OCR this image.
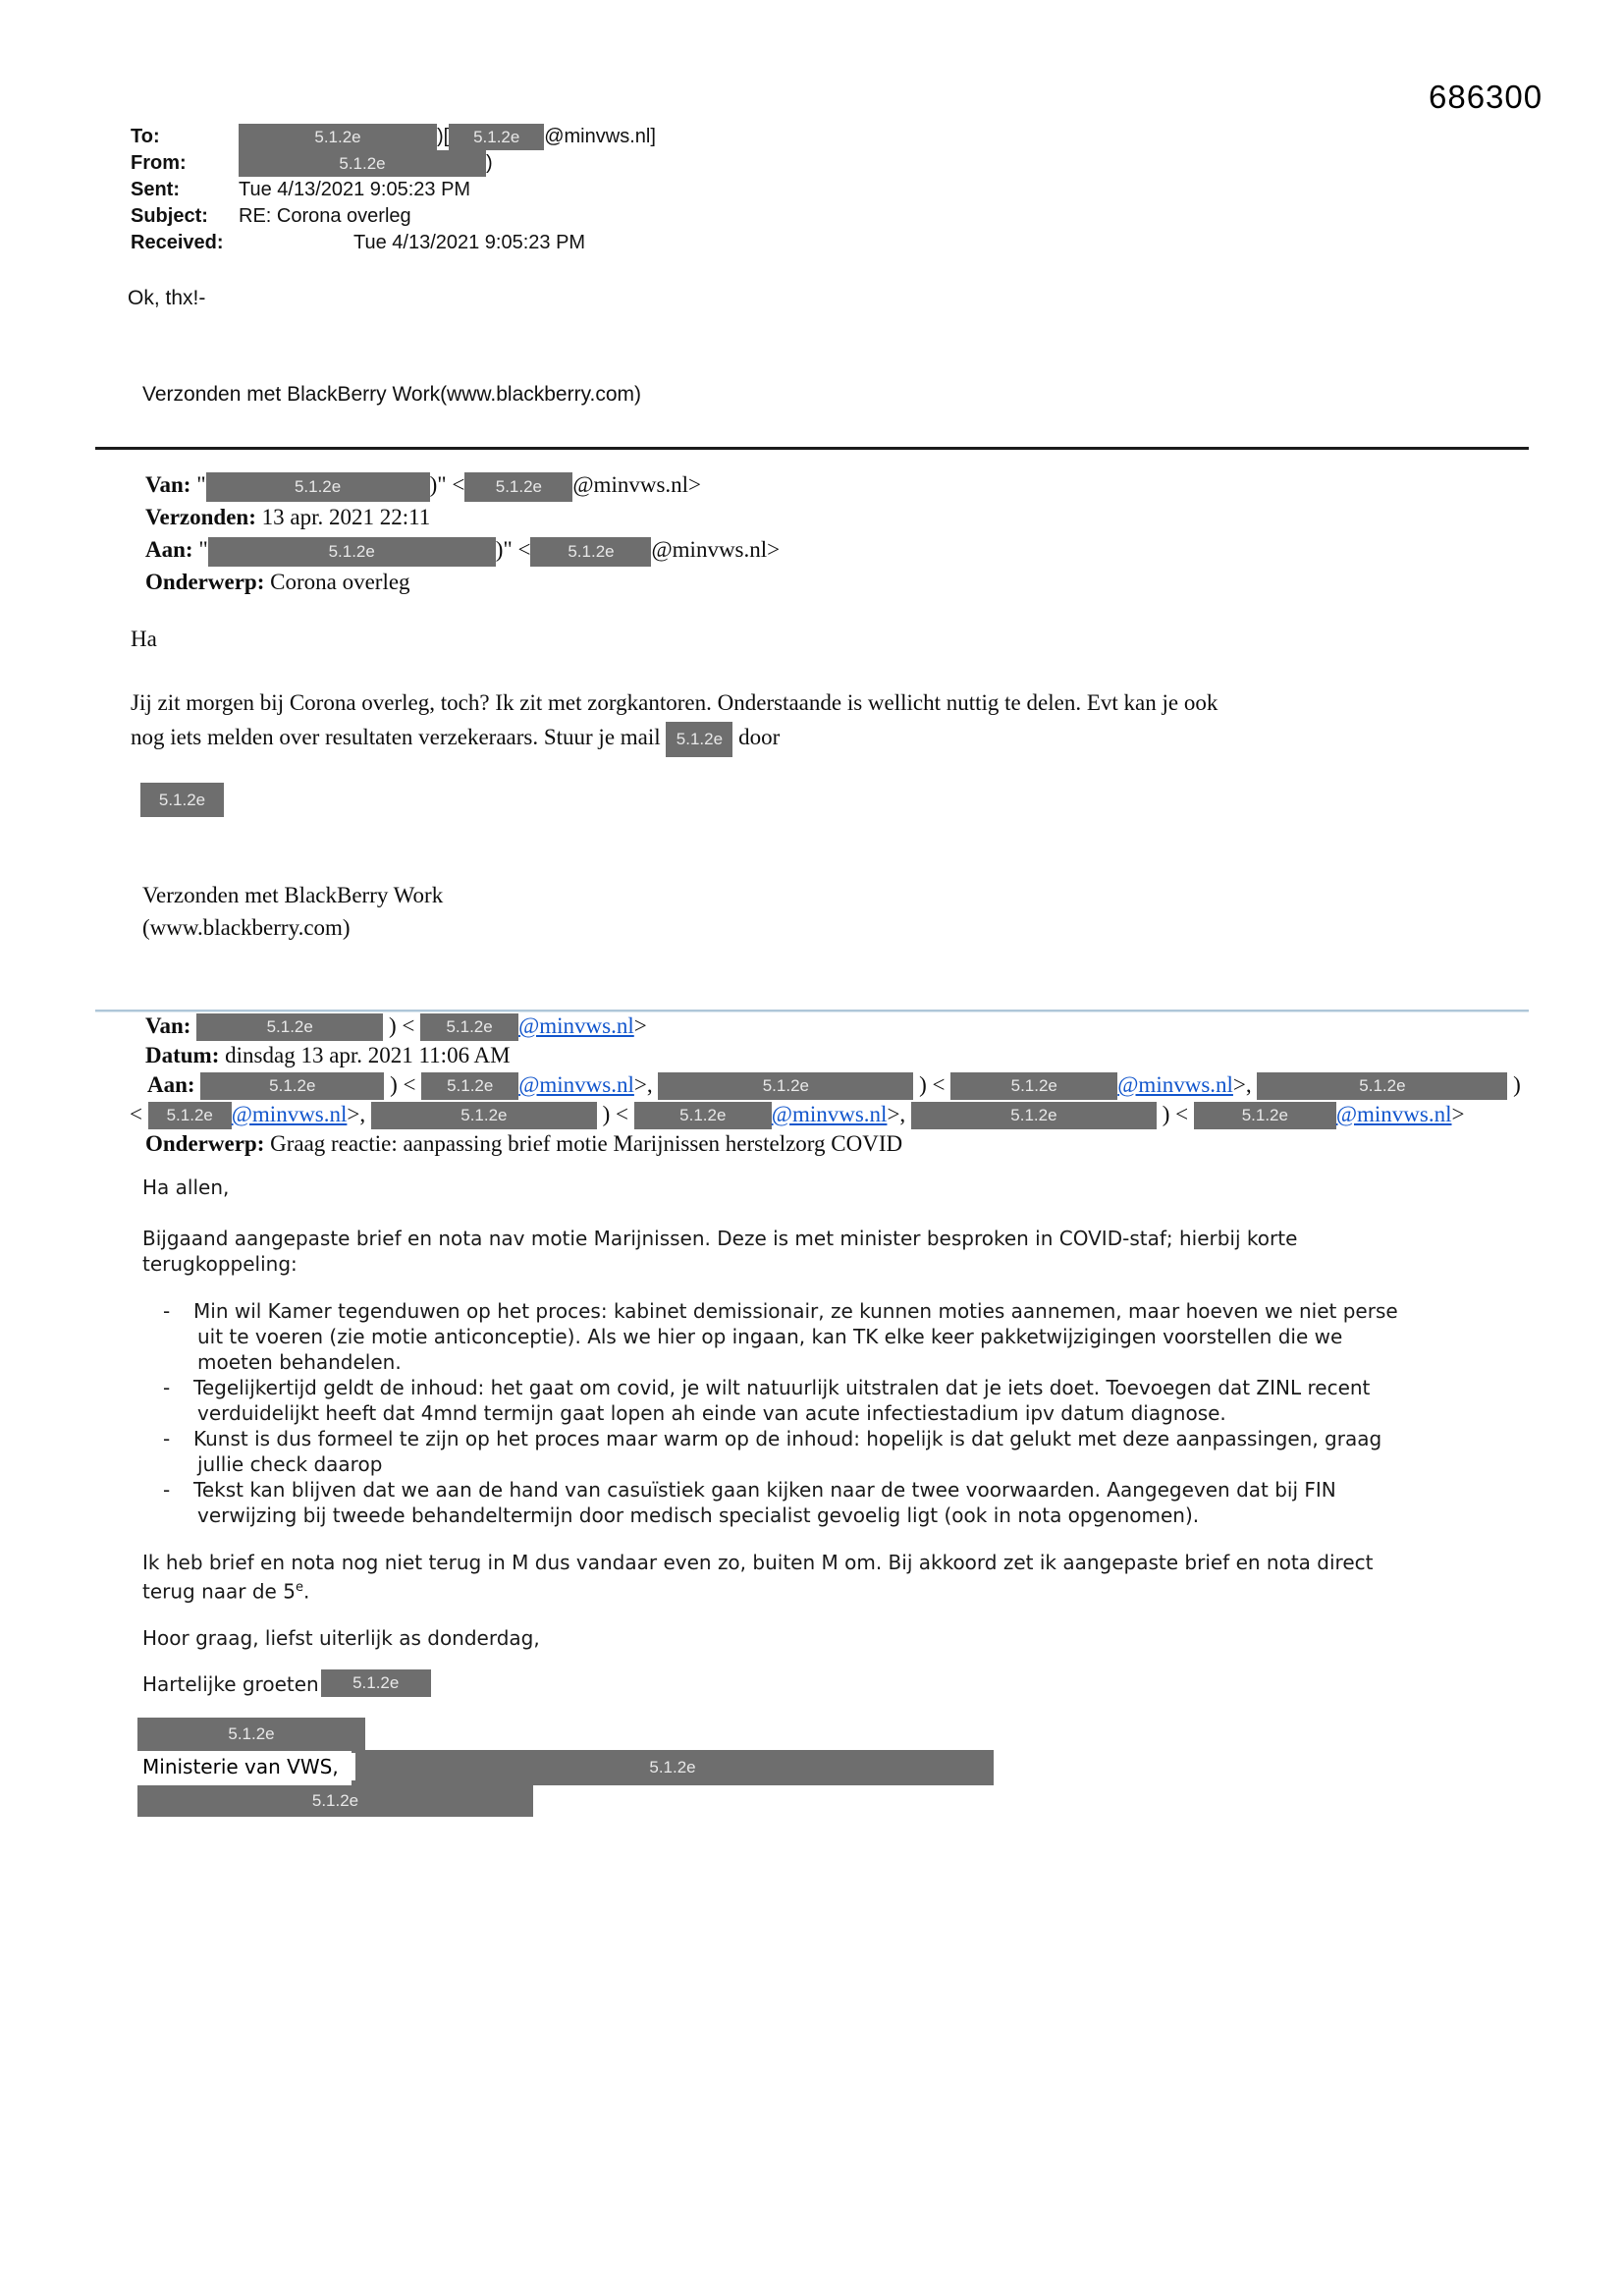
686300
To:	5.1.2e	)[ 5.1.2e @minvws.nl]
From:	5.1.2e	)
Sent:	Tue 4/13/2021 9:05:23 PM
Subject:	RE: Corona overleg
Received:	Tue 4/13/2021 9:05:23 PM
Ok, thx!-
Verzonden met BlackBerry Work(www.blackberry.com)
Van: "	5.1.2e	)" < 5.1.2e @minvws.nl>
Verzonden: 13 apr. 2021 22:11
Aan: "	5.1.2e	)" < 5.1.2e @minvws.nl>
Onderwerp: Corona overleg
Ha
Jij zit morgen bij Corona overleg, toch? Ik zit met zorgkantoren. Onderstaande is wellicht nuttig te delen. Evt kan je ook
nog iets melden over resultaten verzekeraars. Stuur je mail 5.1.2e door
5.1.2e
Verzonden met BlackBerry Work
(www.blackberry.com)
Van:	5.1.2e	) < 5.1.2e @minvws.nl>
Datum: dinsdag 13 apr. 2021 11:06 AM
Aan:	5.1.2e	) < 5.1.2e @minvws.nl>,	5.1.2e	) <	5.1.2e	@minvws.nl>,	5.1.2e	)
< 5.1.2e @minvws.nl>,	5.1.2e	) <	5.1.2e @minvws.nl>,	5.1.2e	) <	5.1.2e @minvws.nl>
Onderwerp: Graag reactie: aanpassing brief motie Marijnissen herstelzorg COVID
Ha allen,
Bijgaand aangepaste brief en nota nav motie Marijnissen. Deze is met minister besproken in COVID-staf; hierbij korte
terugkoppeling:
-	Min wil Kamer tegenduwen op het proces: kabinet demissionair, ze kunnen moties aannemen, maar hoeven we niet perse
uit te voeren (zie motie anticonceptie). Als we hier op ingaan, kan TK elke keer pakketwijzigingen voorstellen die we
moeten behandelen.
-	Tegelijkertijd geldt de inhoud: het gaat om covid, je wilt natuurlijk uitstralen dat je iets doet. Toevoegen dat ZINL recent
verduidelijkt heeft dat 4mnd termijn gaat lopen ah einde van acute infectiestadium ipv datum diagnose.
-	Kunst is dus formeel te zijn op het proces maar warm op de inhoud: hopelijk is dat gelukt met deze aanpassingen, graag
jullie check daarop
-	Tekst kan blijven dat we aan de hand van casuïstiek gaan kijken naar de twee voorwaarden. Aangegeven dat bij FIN
verwijzing bij tweede behandeltermijn door medisch specialist gevoelig ligt (ook in nota opgenomen).
Ik heb brief en nota nog niet terug in M dus vandaar even zo, buiten M om. Bij akkoord zet ik aangepaste brief en nota direct
terug naar de 5e.
Hoor graag, liefst uiterlijk as donderdag,
Hartelijke groeten 5.1.2e
5.1.2e
5.1.2e
Ministerie van VWS,
5.1.2e
